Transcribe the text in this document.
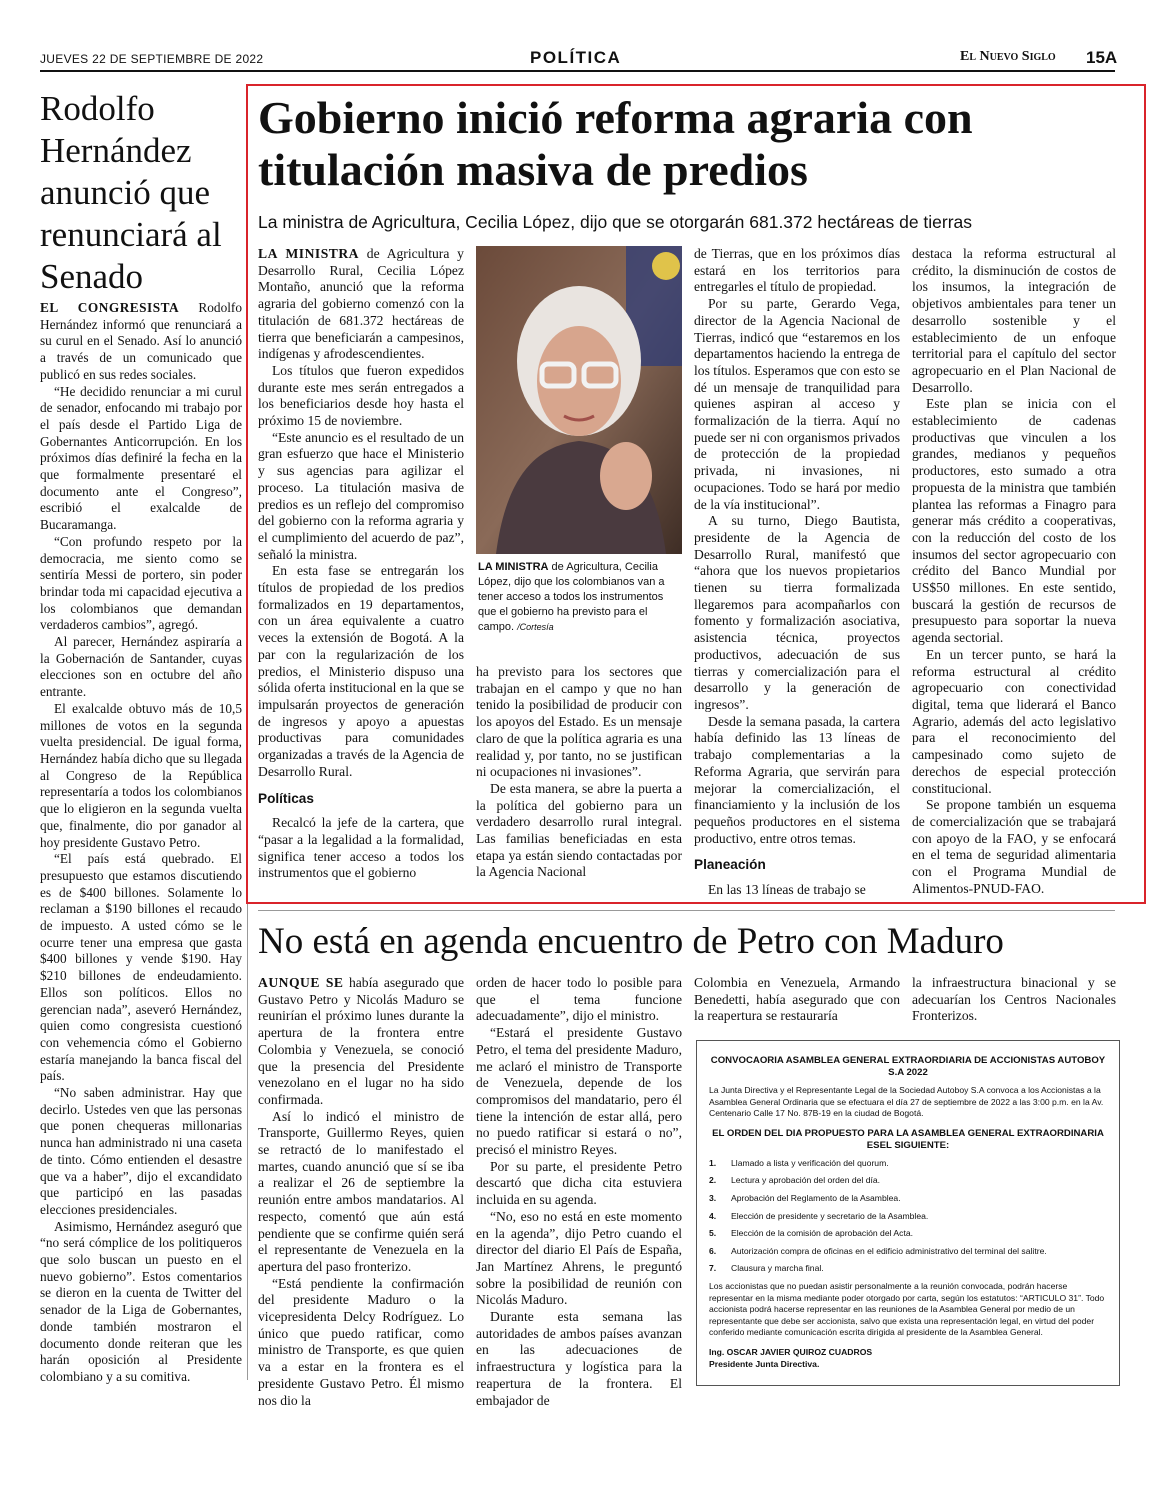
JUEVES 22 DE SEPTIEMBRE DE 2022	POLÍTICA	El Nuevo Siglo 15A
Rodolfo Hernández anunció que renunciará al Senado

EL CONGRESISTA Rodolfo Hernández informó que renunciará a su curul en el Senado. Así lo anunció a través de un comunicado que publicó en sus redes sociales.

“He decidido renunciar a mi curul de senador, enfocando mi trabajo por el país desde el Partido Liga de Gobernantes Anticorrupción. En los próximos días definiré la fecha en la que formalmente presentaré el documento ante el Congreso”, escribió el exalcalde de Bucaramanga.

“Con profundo respeto por la democracia, me siento como se sentiría Messi de portero, sin poder brindar toda mi capacidad ejecutiva a los colombianos que demandan verdaderos cambios”, agregó.

Al parecer, Hernández aspiraría a la Gobernación de Santander, cuyas elecciones son en octubre del año entrante.

El exalcalde obtuvo más de 10,5 millones de votos en la segunda vuelta presidencial. De igual forma, Hernández había dicho que su llegada al Congreso de la República representaría a todos los colombianos que lo eligieron en la segunda vuelta que, finalmente, dio por ganador al hoy presidente Gustavo Petro.

“El país está quebrado. El presupuesto que estamos discutiendo es de $400 billones. Solamente lo reclaman a $190 billones el recaudo de impuesto. A usted cómo se le ocurre tener una empresa que gasta $400 billones y vende $190. Hay $210 billones de endeudamiento. Ellos son políticos. Ellos no gerencian nada”, aseveró Hernández, quien como congresista cuestionó con vehemencia cómo el Gobierno estaría manejando la banca fiscal del país.

“No saben administrar. Hay que decirlo. Ustedes ven que las personas que ponen chequeras millonarias nunca han administrado ni una caseta de tinto. Cómo entienden el desastre que va a haber”, dijo el excandidato que participó en las pasadas elecciones presidenciales.

Asimismo, Hernández aseguró que “no será cómplice de los politiqueros que solo buscan un puesto en el nuevo gobierno”. Estos comentarios se dieron en la cuenta de Twitter del senador de la Liga de Gobernantes, donde también mostraron el documento donde reiteran que les harán oposición al Presidente colombiano y a su comitiva.

Gobierno inició reforma agraria con titulación masiva de predios
La ministra de Agricultura, Cecilia López, dijo que se otorgarán 681.372 hectáreas de tierras

LA MINISTRA de Agricultura y Desarrollo Rural, Cecilia López Montaño, anunció que la reforma agraria del gobierno comenzó con la titulación de 681.372 hectáreas de tierra que beneficiarán a campesinos, indígenas y afrodescendientes.

Los títulos que fueron expedidos durante este mes serán entregados a los beneficiarios desde hoy hasta el próximo 15 de noviembre.

“Este anuncio es el resultado de un gran esfuerzo que hace el Ministerio y sus agencias para agilizar el proceso. La titulación masiva de predios es un reflejo del compromiso del gobierno con la reforma agraria y el cumplimiento del acuerdo de paz”, señaló la ministra.

En esta fase se entregarán los títulos de propiedad de los predios formalizados en 19 departamentos, con un área equivalente a cuatro veces la extensión de Bogotá. A la par con la regularización de los predios, el Ministerio dispuso una sólida oferta institucional en la que se impulsarán proyectos de generación de ingresos y apoyo a apuestas productivas para comunidades organizadas a través de la Agencia de Desarrollo Rural.

Políticas

Recalcó la jefe de la cartera, que “pasar a la legalidad a la formalidad, significa tener acceso a todos los instrumentos que el gobierno

LA MINISTRA de Agricultura, Cecilia López, dijo que los colombianos van a tener acceso a todos los instrumentos que el gobierno ha previsto para el campo. /Cortesía

ha previsto para los sectores que trabajan en el campo y que no han tenido la posibilidad de producir con los apoyos del Estado. Es un mensaje claro de que la política agraria es una realidad y, por tanto, no se justifican ni ocupaciones ni invasiones”.

De esta manera, se abre la puerta a la política del gobierno para un verdadero desarrollo rural integral. Las familias beneficiadas en esta etapa ya están siendo contactadas por la Agencia Nacional

de Tierras, que en los próximos días estará en los territorios para entregarles el título de propiedad.

Por su parte, Gerardo Vega, director de la Agencia Nacional de Tierras, indicó que “estaremos en los departamentos haciendo la entrega de los títulos. Esperamos que con esto se dé un mensaje de tranquilidad para quienes aspiran al acceso y formalización de la tierra. Aquí no puede ser ni con organismos privados de protección de la propiedad privada, ni invasiones, ni ocupaciones. Todo se hará por medio de la vía institucional”.

A su turno, Diego Bautista, presidente de la Agencia de Desarrollo Rural, manifestó que “ahora que los nuevos propietarios tienen su tierra formalizada llegaremos para acompañarlos con fomento y formalización asociativa, asistencia técnica, proyectos productivos, adecuación de sus tierras y comercialización para el desarrollo y la generación de ingresos”.

Desde la semana pasada, la cartera había definido las 13 líneas de trabajo complementarias a la Reforma Agraria, que servirán para mejorar la comercialización, el financiamiento y la inclusión de los pequeños productores en el sistema productivo, entre otros temas.

Planeación

En las 13 líneas de trabajo se

destaca la reforma estructural al crédito, la disminución de costos de los insumos, la integración de objetivos ambientales para tener un desarrollo sostenible y el establecimiento de un enfoque territorial para el capítulo del sector agropecuario en el Plan Nacional de Desarrollo.

Este plan se inicia con el establecimiento de cadenas productivas que vinculen a los grandes, medianos y pequeños productores, esto sumado a otra propuesta de la ministra que también plantea las reformas a Finagro para generar más crédito a cooperativas, con la reducción del costo de los insumos del sector agropecuario con crédito del Banco Mundial por US$50 millones. En este sentido, buscará la gestión de recursos de presupuesto para soportar la nueva agenda sectorial.

En un tercer punto, se hará la reforma estructural al crédito agropecuario con conectividad digital, tema que liderará el Banco Agrario, además del acto legislativo para el reconocimiento del campesinado como sujeto de derechos de especial protección constitucional.

Se propone también un esquema de comercialización que se trabajará con apoyo de la FAO, y se enfocará en el tema de seguridad alimentaria con el Programa Mundial de Alimentos-PNUD-FAO.

No está en agenda encuentro de Petro con Maduro

AUNQUE SE había asegurado que Gustavo Petro y Nicolás Maduro se reunirían el próximo lunes durante la apertura de la frontera entre Colombia y Venezuela, se conoció que la presencia del Presidente venezolano en el lugar no ha sido confirmada.

Así lo indicó el ministro de Transporte, Guillermo Reyes, quien se retractó de lo manifestado el martes, cuando anunció que sí se iba a realizar el 26 de septiembre la reunión entre ambos mandatarios. Al respecto, comentó que aún está pendiente que se confirme quién será el representante de Venezuela en la apertura del paso fronterizo.

“Está pendiente la confirmación del presidente Maduro o la vicepresidenta Delcy Rodríguez. Lo único que puedo ratificar, como ministro de Transporte, es que quien va a estar en la frontera es el presidente Gustavo Petro. Él mismo nos dio la

orden de hacer todo lo posible para que el tema funcione adecuadamente”, dijo el ministro.

“Estará el presidente Gustavo Petro, el tema del presidente Maduro, me aclaró el ministro de Transporte de Venezuela, depende de los compromisos del mandatario, pero él tiene la intención de estar allá, pero no puedo ratificar si estará o no”, precisó el ministro Reyes.

Por su parte, el presidente Petro descartó que dicha cita estuviera incluida en su agenda.

“No, eso no está en este momento en la agenda”, dijo Petro cuando el director del diario El País de España, Jan Martínez Ahrens, le preguntó sobre la posibilidad de reunión con Nicolás Maduro.

Durante esta semana las autoridades de ambos países avanzan en las adecuaciones de infraestructura y logística para la reapertura de la frontera. El embajador de

Colombia en Venezuela, Armando Benedetti, había asegurado que con la reapertura se restauraría

la infraestructura binacional y se adecuarían los Centros Nacionales Fronterizos.

CONVOCAORIA ASAMBLEA GENERAL EXTRAORDIARIA DE ACCIONISTAS AUTOBOY S.A 2022

La Junta Directiva y el Representante Legal de la Sociedad Autoboy S.A convoca a los Accionistas a la Asamblea General Ordinaria que se efectuara el día 27 de septiembre de 2022 a las 3:00 p.m. en la Av. Centenario Calle 17 No. 87B-19 en la ciudad de Bogotá.

EL ORDEN DEL DIA PROPUESTO PARA LA ASAMBLEA GENERAL EXTRAORDINARIA ESEL SIGUIENTE:
1. Llamado a lista y verificación del quorum.
2. Lectura y aprobación del orden del día.
3. Aprobación del Reglamento de la Asamblea.
4. Elección de presidente y secretario de la Asamblea.
5. Elección de la comisión de aprobación del Acta.
6. Autorización compra de oficinas en el edificio administrativo del terminal del salitre.
7. Clausura y marcha final.

Los accionistas que no puedan asistir personalmente a la reunión convocada, podrán hacerse representar en la misma mediante poder otorgado por carta, según los estatutos: “ARTICULO 31”. Todo accionista podrá hacerse representar en las reuniones de la Asamblea General por medio de un representante que debe ser accionista, salvo que exista una representación legal, en virtud del poder conferido mediante comunicación escrita dirigida al presidente de la Asamblea General.

Ing. OSCAR JAVIER QUIROZ CUADROS

Presidente Junta Directiva.
